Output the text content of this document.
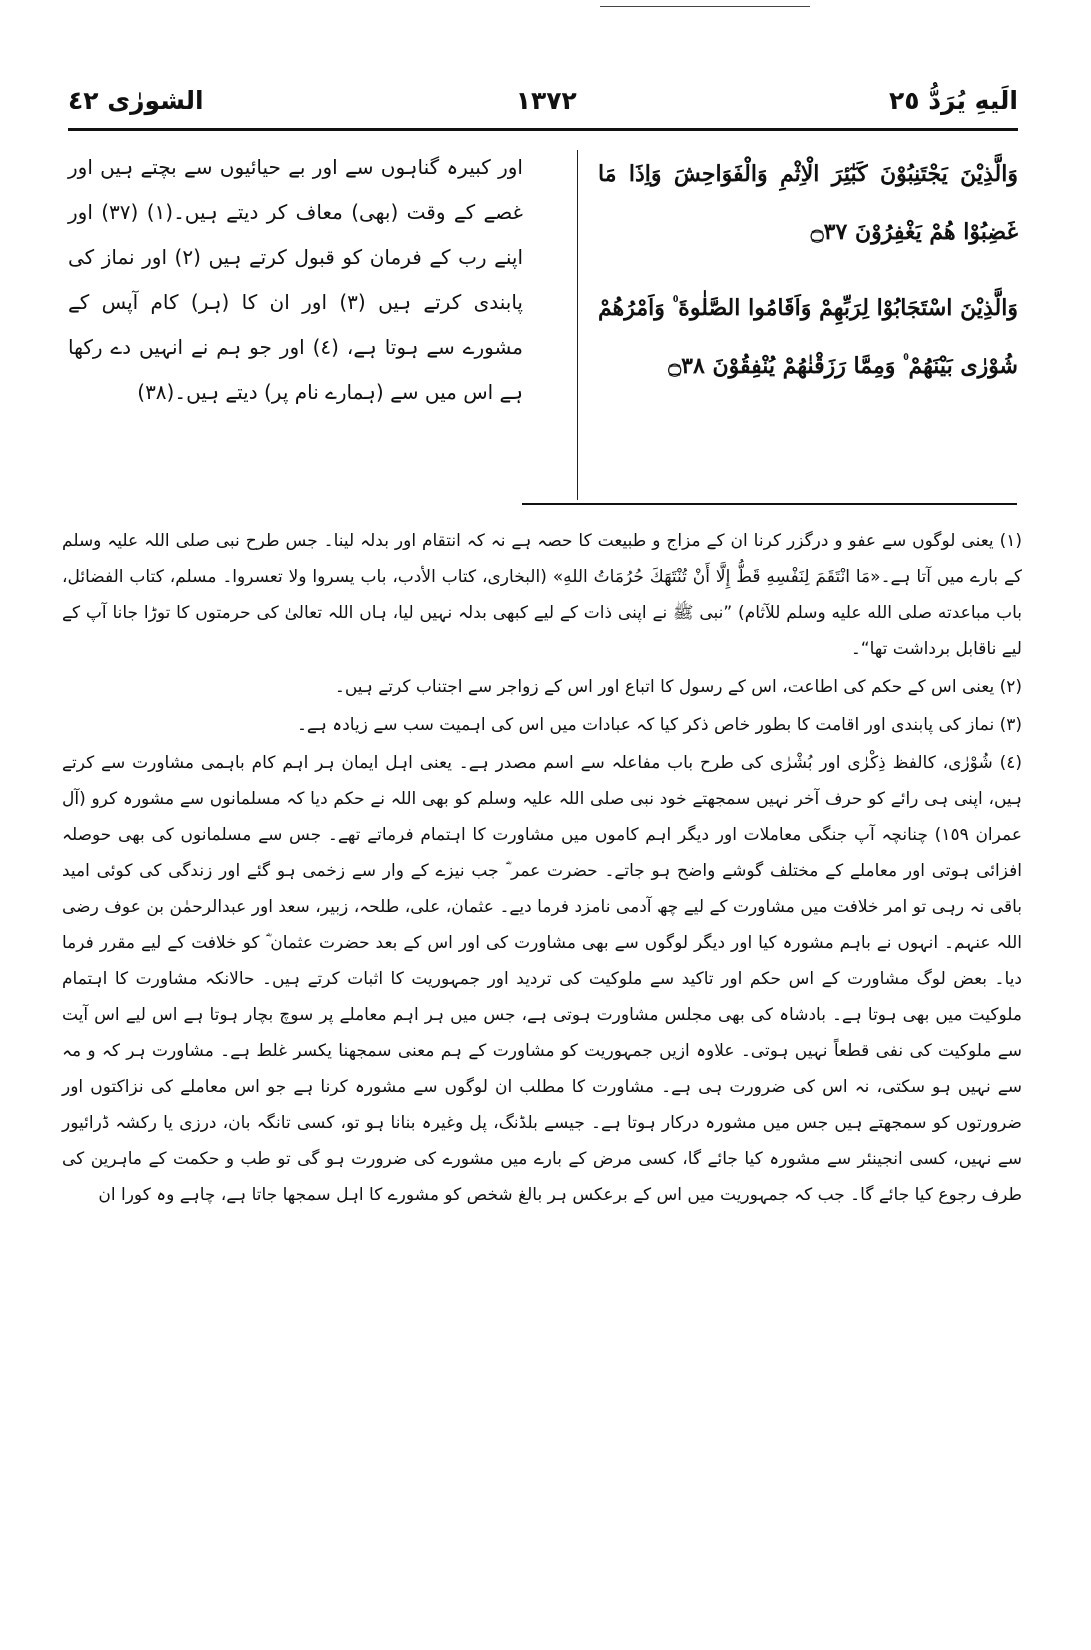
الَيهِ يُرَدُّ ٢٥
١٣٧٢
الشورٰی ٤٢

وَالَّذِيْنَ يَجْتَنِبُوْنَ كَبٰٓئِرَ الْاِثْمِ وَالْفَوَاحِشَ وَاِذَا مَا غَضِبُوْا هُمْ يَغْفِرُوْنَ ۝٣٧

وَالَّذِيْنَ اسْتَجَابُوْا لِرَبِّهِمْ وَاَقَامُوا الصَّلٰوةَ ۠ وَاَمْرُهُمْ شُوْرٰى بَيْنَهُمْ ۠ وَمِمَّا رَزَقْنٰهُمْ يُنْفِقُوْنَ ۝٣٨

اور کبیرہ گناہوں سے اور بے حیائیوں سے بچتے ہیں اور غصے کے وقت (بھی) معاف کر دیتے ہیں۔(١) (٣٧) اور اپنے رب کے فرمان کو قبول کرتے ہیں (٢) اور نماز کی پابندی کرتے ہیں (٣) اور ان کا (ہر) کام آپس کے مشورے سے ہوتا ہے، (٤) اور جو ہم نے انہیں دے رکھا ہے اس میں سے (ہمارے نام پر) دیتے ہیں۔(٣٨)

(١) یعنی لوگوں سے عفو و درگزر کرنا ان کے مزاج و طبیعت کا حصہ ہے نہ کہ انتقام اور بدلہ لینا۔ جس طرح نبی صلی اللہ علیہ وسلم کے بارے میں آتا ہے۔«مَا انْتَقَمَ لِنَفْسِهِ قَطُّ إِلَّا أَنْ تُنْتَهَكَ حُرُمَاتُ اللهِ» (البخاری، کتاب الأدب، باب یسروا ولا تعسروا۔ مسلم، کتاب الفضائل، باب مباعدته صلى الله عليه وسلم للآثام) ”نبی ﷺ نے اپنی ذات کے لیے کبھی بدلہ نہیں لیا، ہاں اللہ تعالیٰ کی حرمتوں کا توڑا جانا آپ کے لیے ناقابل برداشت تھا“۔

(٢) یعنی اس کے حکم کی اطاعت، اس کے رسول کا اتباع اور اس کے زواجر سے اجتناب کرتے ہیں۔

(٣) نماز کی پابندی اور اقامت کا بطور خاص ذکر کیا کہ عبادات میں اس کی اہمیت سب سے زیادہ ہے۔

(٤) شُوْرٰی، کالفظ ذِکْرٰی اور بُشْرٰی کی طرح باب مفاعلہ سے اسم مصدر ہے۔ یعنی اہل ایمان ہر اہم کام باہمی مشاورت سے کرتے ہیں، اپنی ہی رائے کو حرف آخر نہیں سمجھتے خود نبی صلی اللہ علیہ وسلم کو بھی اللہ نے حکم دیا کہ مسلمانوں سے مشورہ کرو (آل عمران ١٥٩) چنانچہ آپ جنگی معاملات اور دیگر اہم کاموں میں مشاورت کا اہتمام فرماتے تھے۔ جس سے مسلمانوں کی بھی حوصلہ افزائی ہوتی اور معاملے کے مختلف گوشے واضح ہو جاتے۔ حضرت عمر ؓ جب نیزے کے وار سے زخمی ہو گئے اور زندگی کی کوئی امید باقی نہ رہی تو امر خلافت میں مشاورت کے لیے چھ آدمی نامزد فرما دیے۔ عثمان، علی، طلحہ، زبیر، سعد اور عبدالرحمٰن بن عوف رضی اللہ عنہم۔ انہوں نے باہم مشورہ کیا اور دیگر لوگوں سے بھی مشاورت کی اور اس کے بعد حضرت عثمان ؓ کو خلافت کے لیے مقرر فرما دیا۔ بعض لوگ مشاورت کے اس حکم اور تاکید سے ملوکیت کی تردید اور جمہوریت کا اثبات کرتے ہیں۔ حالانکہ مشاورت کا اہتمام ملوکیت میں بھی ہوتا ہے۔ بادشاہ کی بھی مجلس مشاورت ہوتی ہے، جس میں ہر اہم معاملے پر سوچ بچار ہوتا ہے اس لیے اس آیت سے ملوکیت کی نفی قطعاً نہیں ہوتی۔ علاوہ ازیں جمہوریت کو مشاورت کے ہم معنی سمجھنا یکسر غلط ہے۔ مشاورت ہر کہ و مہ سے نہیں ہو سکتی، نہ اس کی ضرورت ہی ہے۔ مشاورت کا مطلب ان لوگوں سے مشورہ کرنا ہے جو اس معاملے کی نزاکتوں اور ضرورتوں کو سمجھتے ہیں جس میں مشورہ درکار ہوتا ہے۔ جیسے بلڈنگ، پل وغیرہ بنانا ہو تو، کسی تانگہ بان، درزی یا رکشہ ڈرائیور سے نہیں، کسی انجینئر سے مشورہ کیا جائے گا، کسی مرض کے بارے میں مشورے کی ضرورت ہو گی تو طب و حکمت کے ماہرین کی طرف رجوع کیا جائے گا۔ جب کہ جمہوریت میں اس کے برعکس ہر بالغ شخص کو مشورے کا اہل سمجھا جاتا ہے، چاہے وہ کورا ان
